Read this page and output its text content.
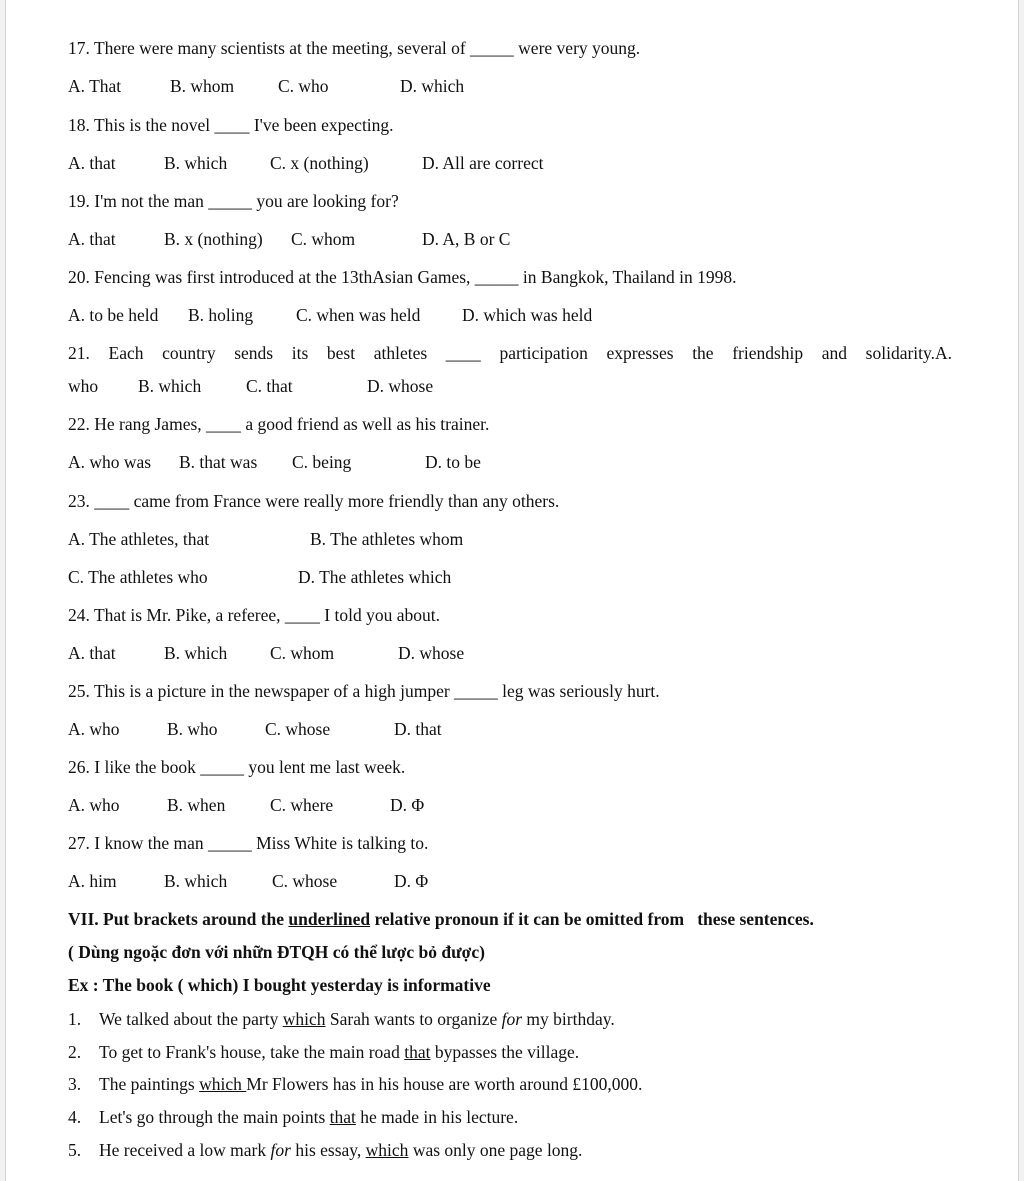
17. There were many scientists at the meeting, several of _____ were very young.
A. That	B. whom	C. who	D. which
18. This is the novel ____ I've been expecting.
A. that	B. which C. x (nothing)	D. All are correct
19. I'm not the man _____ you are looking for?
A. that	B. x (nothing) C. whom	D. A, B or C
20. Fencing was first introduced at the 13thAsian Games, _____ in Bangkok, Thailand in 1998.
A. to be held B. holing C. when was held D. which was held
21. Each country sends its best athletes ____ participation expresses the friendship and solidarity.A.
who B. which	C. that	D. whose
22. He rang James, ____ a good friend as well as his trainer.
A. who was B. that was C. being	D. to be
23. ____ came from France were really more friendly than any others.
A. The athletes, that	B. The athletes whom
C. The athletes who	D. The athletes which
24. That is Mr. Pike, a referee, ____ I told you about.
A. that	B. which C. whom	D. whose
25. This is a picture in the newspaper of a high jumper _____ leg was seriously hurt.
A. who	B. who	C. whose	D. that
26. I like the book _____ you lent me last week.
A. who	B. when	C. where	D. Φ
27. I know the man _____ Miss White is talking to.
A. him	B. which	C. whose	D. Φ
VII. Put brackets around the underlined relative pronoun if it can be omitted from   these sentences.
( Dùng ngoặc đơn với nhữn ĐTQH có thể lược bỏ được)
Ex : The book ( which) I bought yesterday is informative
1. We talked about the party which Sarah wants to organize for my birthday.
2. To get to Frank's house, take the main road that bypasses the village.
3. The paintings which Mr Flowers has in his house are worth around £100,000.
4. Let's go through the main points that he made in his lecture.
5. He received a low mark for his essay, which was only one page long.
